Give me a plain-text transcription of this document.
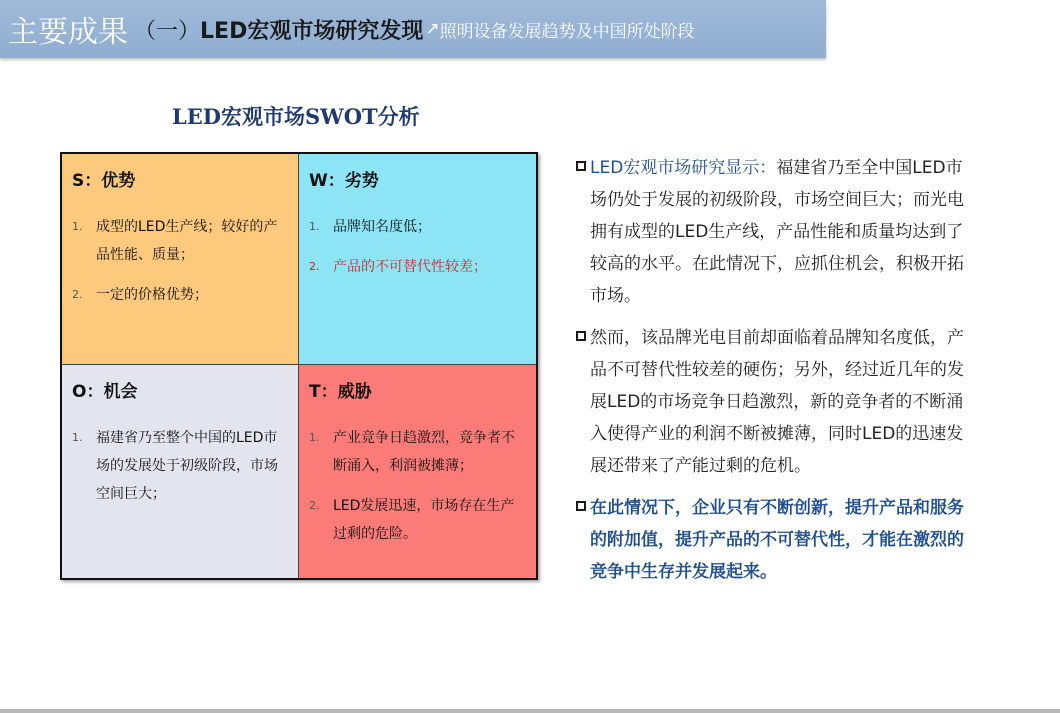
主要成果 （一） LED宏观市场研究发现 ↗ 照明设备发展趋势及中国所处阶段
LED宏观市场SWOT分析
S：优势
1. 成型的LED生产线；较好的产品性能、质量；
2. 一定的价格优势；
W：劣势
1. 品牌知名度低；
2. 产品的不可替代性较差；
O：机会
1. 福建省乃至整个中国的LED市场的发展处于初级阶段，市场空间巨大；
T：威胁
1. 产业竞争日趋激烈，竞争者不断涌入，利润被摊薄；
2. LED发展迅速，市场存在生产过剩的危险。
LED宏观市场研究显示：福建省乃至全中国LED市场仍处于发展的初级阶段，市场空间巨大；而光电拥有成型的LED生产线，产品性能和质量均达到了较高的水平。在此情况下，应抓住机会，积极开拓市场。
然而，该品牌光电目前却面临着品牌知名度低，产品不可替代性较差的硬伤；另外，经过近几年的发展LED的市场竞争日趋激烈，新的竞争者的不断涌入使得产业的利润不断被摊薄，同时LED的迅速发展还带来了产能过剩的危机。
在此情况下，企业只有不断创新，提升产品和服务的附加值，提升产品的不可替代性，才能在激烈的竞争中生存并发展起来。
